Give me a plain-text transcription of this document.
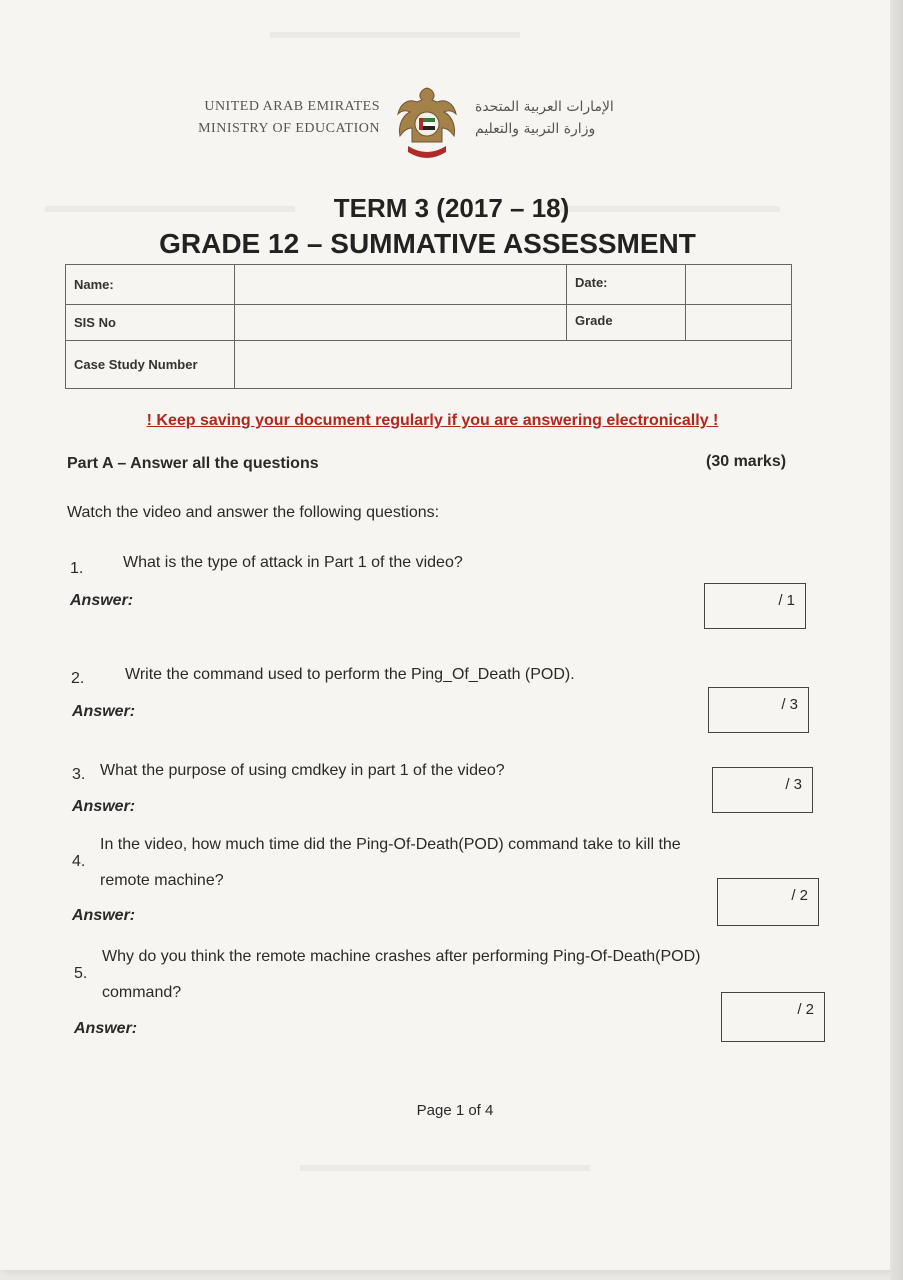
UNITED ARAB EMIRATES
MINISTRY OF EDUCATION
الإمارات العربية المتحدة
وزارة التربية والتعليم
TERM 3 (2017 – 18)
GRADE 12 – SUMMATIVE ASSESSMENT
Name:		Date:	
SIS No		Grade	
Case Study Number			
! Keep saving your document regularly if you are answering electronically !
Part A – Answer all the questions	(30 marks)
Watch the video and answer the following questions:
1. What is the type of attack in Part 1 of the video?
Answer:	/ 1
2.	Write the command used to perform the Ping_Of_Death (POD).
Answer:	/ 3
3. What the purpose of using cmdkey in part 1 of the video?
Answer:
/ 3
4.
In the video, how much time did the Ping-Of-Death(POD) command take to kill the
remote machine?
Answer:
/ 2
5.
Why do you think the remote machine crashes after performing Ping-Of-Death(POD)
command?
Answer:
/ 2
Page 1 of 4
